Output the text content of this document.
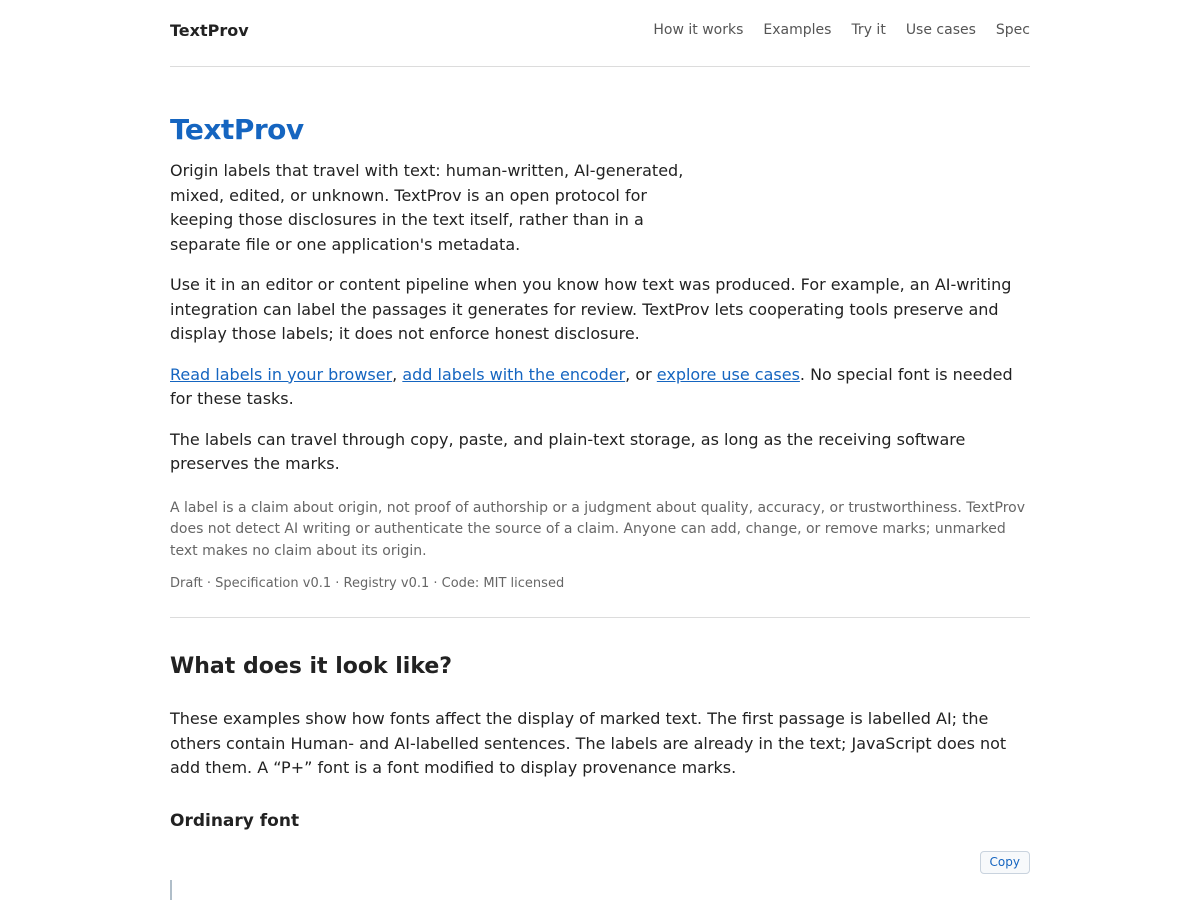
TextProv	How it works Examples Try it Use cases Spec
TextProv

Origin labels that travel with text: human-written, AI-generated, mixed, edited, or unknown. TextProv is an open protocol for keeping those disclosures in the text itself, rather than in a separate file or one application's metadata.

Use it in an editor or content pipeline when you know how text was produced. For example, an AI-writing integration can label the passages it generates for review. TextProv lets cooperating tools preserve and display those labels; it does not enforce honest disclosure.

Read labels in your browser, add labels with the encoder, or explore use cases. No special font is needed for these tasks.

The labels can travel through copy, paste, and plain-text storage, as long as the receiving software preserves the marks.

A label is a claim about origin, not proof of authorship or a judgment about quality, accuracy, or trustworthiness. TextProv does not detect AI writing or authenticate the source of a claim. Anyone can add, change, or remove marks; unmarked text makes no claim about its origin.

Draft · Specification v0.1 · Registry v0.1 · Code: MIT licensed

What does it look like?

These examples show how fonts affect the display of marked text. The first passage is labelled AI; the others contain Human- and AI-labelled sentences. The labels are already in the text; JavaScript does not add them. A “P+” font is a font modified to display provenance marks.

Ordinary font
Copy
